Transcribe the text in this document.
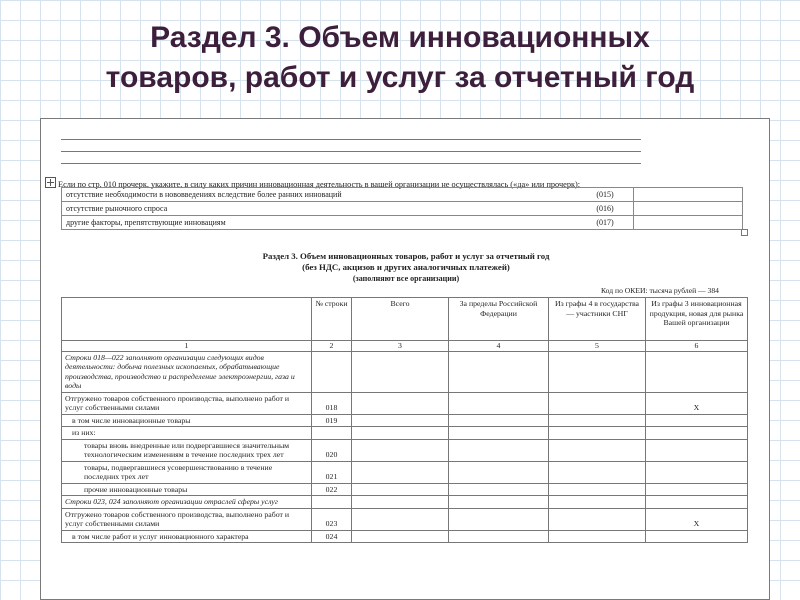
Раздел 3. Объем инновационных
товаров, работ и услуг за отчетный год
Если по стр. 010 прочерк, укажите, в силу каких причин инновационная деятельность в вашей организации не осуществлялась («да» или прочерк):
отсутствие необходимости в нововведениях вследствие более ранних инноваций	(015)	
отсутствие рыночного спроса	(016)	
другие факторы, препятствующие инновациям	(017)	
Раздел 3. Объем инновационных товаров, работ и услуг за отчетный год
(без НДС, акцизов и других аналогичных платежей)
(заполняют все организации)
Код по ОКЕИ: тысяча рублей — 384
	№ строки	Всего	За пределы Российской Федерации	Из графы 4 в государства — участники СНГ	Из графы 3 инновационная продукция, новая для рынка Вашей организации
1	2	3	4	5	6
Строки 018—022 заполняют организации следующих видов деятельности: добыча полезных ископаемых, обрабатывающие производства, производство и распределение электроэнергии, газа и воды					
Отгружено товаров собственного производства, выполнено работ и услуг собственными силами	018				X
в том числе инновационные товары	019				
из них:					
товары вновь внедренные или подвергавшиеся значительным технологическим изменениям в течение последних трех лет	020				
товары, подвергавшиеся усовершенствованию в течение последних трех лет	021				
прочие инновационные товары	022				
Строки 023, 024 заполняют организации отраслей сферы услуг					
Отгружено товаров собственного производства, выполнено работ и услуг собственными силами	023				X
в том числе работ и услуг инновационного характера	024				
